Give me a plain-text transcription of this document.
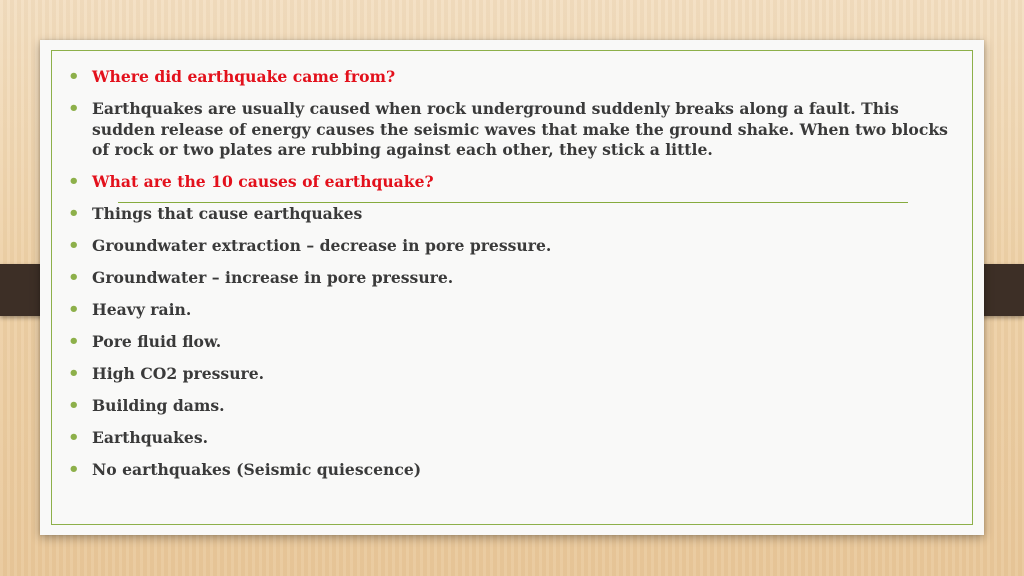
• Where did earthquake came from?
• Earthquakes are usually caused when rock underground suddenly breaks along a fault. This
sudden release of energy causes the seismic waves that make the ground shake. When two blocks
of rock or two plates are rubbing against each other, they stick a little.
• What are the 10 causes of earthquake?
• Things that cause earthquakes
• Groundwater extraction – decrease in pore pressure.
• Groundwater – increase in pore pressure.
• Heavy rain.
• Pore fluid flow.
• High CO2 pressure.
• Building dams.
• Earthquakes.
• No earthquakes (Seismic quiescence)
